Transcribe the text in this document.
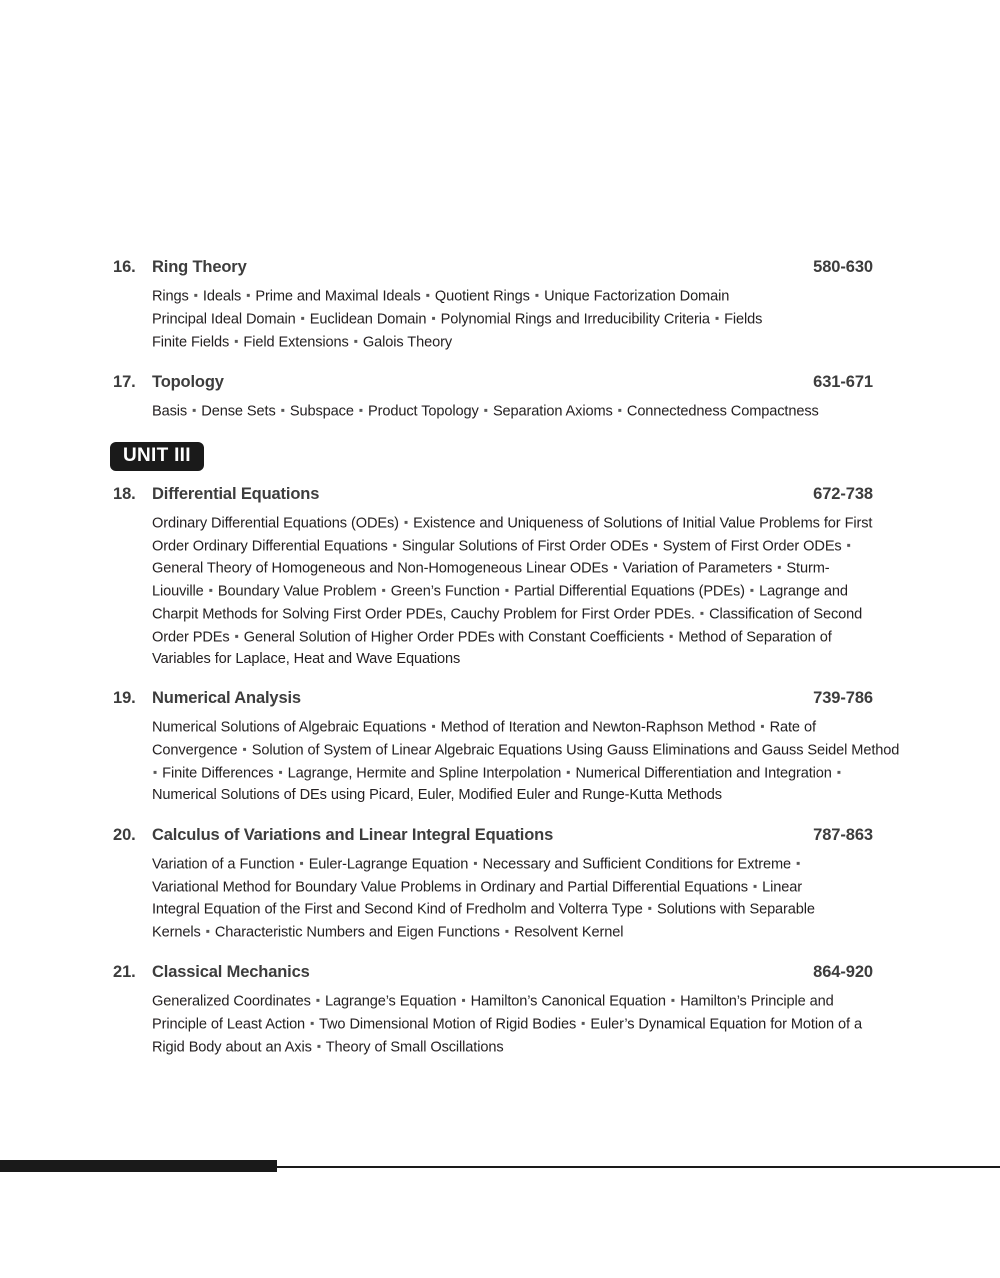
16. Ring Theory	580-630
Rings ▪ Ideals ▪ Prime and Maximal Ideals ▪ Quotient Rings ▪ Unique Factorization Domain Principal Ideal Domain ▪ Euclidean Domain ▪ Polynomial Rings and Irreducibility Criteria ▪ Fields Finite Fields ▪ Field Extensions ▪ Galois Theory
17. Topology	631-671
Basis ▪ Dense Sets ▪ Subspace ▪ Product Topology ▪ Separation Axioms ▪ Connectedness Compactness
UNIT III
18. Differential Equations	672-738
Ordinary Differential Equations (ODEs) ▪ Existence and Uniqueness of Solutions of Initial Value Problems for First Order Ordinary Differential Equations ▪ Singular Solutions of First Order ODEs ▪ System of First Order ODEs ▪ General Theory of Homogeneous and Non-Homogeneous Linear ODEs ▪ Variation of Parameters ▪ Sturm-Liouville ▪ Boundary Value Problem ▪ Green’s Function ▪ Partial Differential Equations (PDEs) ▪ Lagrange and Charpit Methods for Solving First Order PDEs, Cauchy Problem for First Order PDEs. ▪ Classification of Second Order PDEs ▪ General Solution of Higher Order PDEs with Constant Coefficients ▪ Method of Separation of Variables for Laplace, Heat and Wave Equations
19. Numerical Analysis	739-786
Numerical Solutions of Algebraic Equations ▪ Method of Iteration and Newton-Raphson Method ▪ Rate of Convergence ▪ Solution of System of Linear Algebraic Equations Using Gauss Eliminations and Gauss Seidel Method ▪ Finite Differences ▪ Lagrange, Hermite and Spline Interpolation ▪ Numerical Differentiation and Integration ▪ Numerical Solutions of DEs using Picard, Euler, Modified Euler and Runge-Kutta Methods
20. Calculus of Variations and Linear Integral Equations	787-863
Variation of a Function ▪ Euler-Lagrange Equation ▪ Necessary and Sufficient Conditions for Extreme ▪ Variational Method for Boundary Value Problems in Ordinary and Partial Differential Equations ▪ Linear Integral Equation of the First and Second Kind of Fredholm and Volterra Type ▪ Solutions with Separable Kernels ▪ Characteristic Numbers and Eigen Functions ▪ Resolvent Kernel
21. Classical Mechanics	864-920
Generalized Coordinates ▪ Lagrange’s Equation ▪ Hamilton’s Canonical Equation ▪ Hamilton’s Principle and Principle of Least Action ▪ Two Dimensional Motion of Rigid Bodies ▪ Euler’s Dynamical Equation for Motion of a Rigid Body about an Axis ▪ Theory of Small Oscillations
